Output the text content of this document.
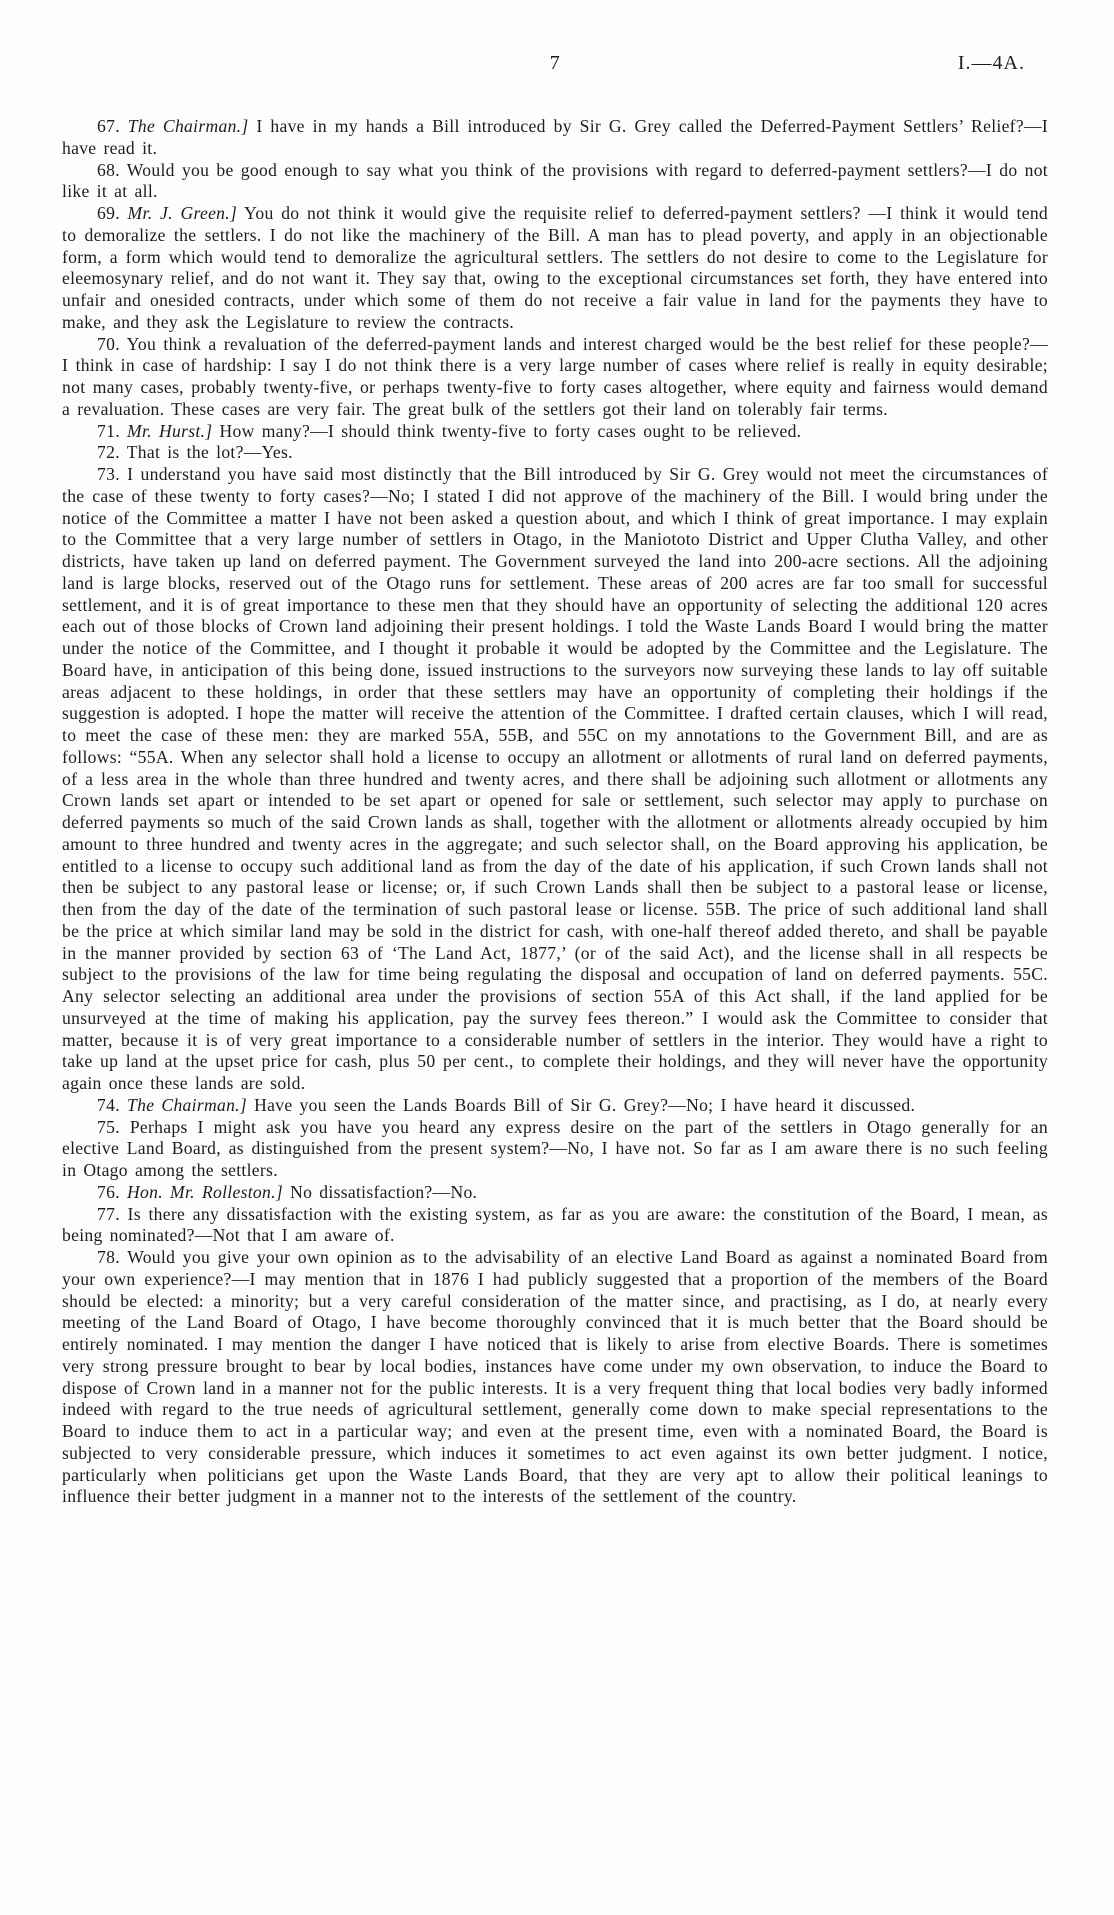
7	I.—4A.

67. The Chairman.] I have in my hands a Bill introduced by Sir G. Grey called the Deferred-Payment Settlers’ Relief?—I have read it.

68. Would you be good enough to say what you think of the provisions with regard to deferred-payment settlers?—I do not like it at all.

69. Mr. J. Green.] You do not think it would give the requisite relief to deferred-payment settlers? —I think it would tend to demoralize the settlers. I do not like the machinery of the Bill. A man has to plead poverty, and apply in an objectionable form, a form which would tend to demoralize the agricultural settlers. The settlers do not desire to come to the Legislature for eleemosynary relief, and do not want it. They say that, owing to the exceptional circumstances set forth, they have entered into unfair and onesided contracts, under which some of them do not receive a fair value in land for the payments they have to make, and they ask the Legislature to review the contracts.

70. You think a revaluation of the deferred-payment lands and interest charged would be the best relief for these people?—I think in case of hardship: I say I do not think there is a very large number of cases where relief is really in equity desirable; not many cases, probably twenty-five, or perhaps twenty-five to forty cases altogether, where equity and fairness would demand a revaluation. These cases are very fair. The great bulk of the settlers got their land on tolerably fair terms.

71. Mr. Hurst.] How many?—I should think twenty-five to forty cases ought to be relieved.

72. That is the lot?—Yes.

73. I understand you have said most distinctly that the Bill introduced by Sir G. Grey would not meet the circumstances of the case of these twenty to forty cases?—No; I stated I did not approve of the machinery of the Bill. I would bring under the notice of the Committee a matter I have not been asked a question about, and which I think of great importance. I may explain to the Committee that a very large number of settlers in Otago, in the Maniototo District and Upper Clutha Valley, and other districts, have taken up land on deferred payment. The Government surveyed the land into 200-acre sections. All the adjoining land is large blocks, reserved out of the Otago runs for settlement. These areas of 200 acres are far too small for successful settlement, and it is of great importance to these men that they should have an opportunity of selecting the additional 120 acres each out of those blocks of Crown land adjoining their present holdings. I told the Waste Lands Board I would bring the matter under the notice of the Committee, and I thought it probable it would be adopted by the Committee and the Legislature. The Board have, in anticipation of this being done, issued instructions to the surveyors now surveying these lands to lay off suitable areas adjacent to these holdings, in order that these settlers may have an opportunity of completing their holdings if the suggestion is adopted. I hope the matter will receive the attention of the Committee. I drafted certain clauses, which I will read, to meet the case of these men: they are marked 55A, 55B, and 55C on my annotations to the Government Bill, and are as follows: “55A. When any selector shall hold a license to occupy an allotment or allotments of rural land on deferred payments, of a less area in the whole than three hundred and twenty acres, and there shall be adjoining such allotment or allotments any Crown lands set apart or intended to be set apart or opened for sale or settlement, such selector may apply to purchase on deferred payments so much of the said Crown lands as shall, together with the allotment or allotments already occupied by him amount to three hundred and twenty acres in the aggregate; and such selector shall, on the Board approving his application, be entitled to a license to occupy such additional land as from the day of the date of his application, if such Crown lands shall not then be subject to any pastoral lease or license; or, if such Crown Lands shall then be subject to a pastoral lease or license, then from the day of the date of the termination of such pastoral lease or license. 55B. The price of such additional land shall be the price at which similar land may be sold in the district for cash, with one-half thereof added thereto, and shall be payable in the manner provided by section 63 of ‘The Land Act, 1877,’ (or of the said Act), and the license shall in all respects be subject to the provisions of the law for time being regulating the disposal and occupation of land on deferred payments. 55C. Any selector selecting an additional area under the provisions of section 55A of this Act shall, if the land applied for be unsurveyed at the time of making his application, pay the survey fees thereon.” I would ask the Committee to consider that matter, because it is of very great importance to a considerable number of settlers in the interior. They would have a right to take up land at the upset price for cash, plus 50 per cent., to complete their holdings, and they will never have the opportunity again once these lands are sold.

74. The Chairman.] Have you seen the Lands Boards Bill of Sir G. Grey?—No; I have heard it discussed.

75. Perhaps I might ask you have you heard any express desire on the part of the settlers in Otago generally for an elective Land Board, as distinguished from the present system?—No, I have not. So far as I am aware there is no such feeling in Otago among the settlers.

76. Hon. Mr. Rolleston.] No dissatisfaction?—No.

77. Is there any dissatisfaction with the existing system, as far as you are aware: the constitution of the Board, I mean, as being nominated?—Not that I am aware of.

78. Would you give your own opinion as to the advisability of an elective Land Board as against a nominated Board from your own experience?—I may mention that in 1876 I had publicly suggested that a proportion of the members of the Board should be elected: a minority; but a very careful consideration of the matter since, and practising, as I do, at nearly every meeting of the Land Board of Otago, I have become thoroughly convinced that it is much better that the Board should be entirely nominated. I may mention the danger I have noticed that is likely to arise from elective Boards. There is sometimes very strong pressure brought to bear by local bodies, instances have come under my own observation, to induce the Board to dispose of Crown land in a manner not for the public interests. It is a very frequent thing that local bodies very badly informed indeed with regard to the true needs of agricultural settlement, generally come down to make special representations to the Board to induce them to act in a particular way; and even at the present time, even with a nominated Board, the Board is subjected to very considerable pressure, which induces it sometimes to act even against its own better judgment. I notice, particularly when politicians get upon the Waste Lands Board, that they are very apt to allow their political leanings to influence their better judgment in a manner not to the interests of the settlement of the country.
